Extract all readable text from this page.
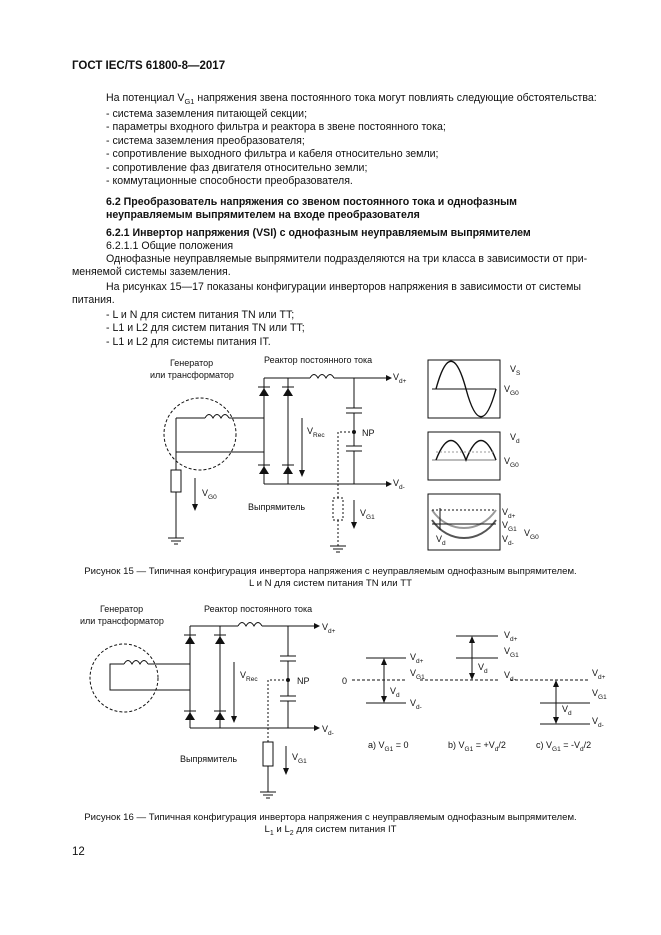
ГОСТ IEC/TS 61800-8—2017
На потенциал $V_{G1}$ напряжения звена постоянного тока могут повлиять следующие обстоятельства:
- система заземления питающей секции;
- параметры входного фильтра и реактора в звене постоянного тока;
- система заземления преобразователя;
- сопротивление выходного фильтра и кабеля относительно земли;
- сопротивление фаз двигателя относительно земли;
- коммутационные способности преобразователя.
6.2 Преобразователь напряжения со звеном постоянного тока и однофазным
неуправляемым выпрямителем на входе преобразователя
6.2.1 Инвертор напряжения (VSI) с однофазным неуправляемым выпрямителем
6.2.1.1 Общие положения
Однофазные неуправляемые выпрямители подразделяются на три класса в зависимости от при-
меняемой системы заземления.
На рисунках 15—17 показаны конфигурации инверторов напряжения в зависимости от системы
питания.
- L и N для систем питания TN или TT;
- L1 и L2 для систем питания TN или TT;
- L1 и L2 для системы питания IT.
Генератор
или трансформатор
Реактор постоянного тока
Выпрямитель
NP
$V_{d+}$
$V_{d-}$
$V_{Rec}$
$V_{G0}$
$V_{G1}$
$V_S$
$V_{G0}$
$V_d$
$V_{G0}$
$V_{d+}$
$V_{G1}$
$V_{d-}$
$V_{G0}$
$V_d$
Рисунок 15 — Типичная конфигурация инвертора напряжения с неуправляемым однофазным выпрямителем.
L и N для систем питания TN или TT
Генератор
или трансформатор
Реактор постоянного тока
Выпрямитель
NP	0
$V_{d+}$
$V_{d-}$
$V_{Rec}$
$V_{G1}$
$V_{d+}$
$V_{G1}$
$V_d$
$V_{d-}$
$V_{d+}$
$V_{G1}$
$V_d$ $V_{d-}$
$V_{d+}$
$V_{G1}$
$V_d$
$V_{d-}$
a) $V_{G1} = 0$	b) $V_{G1} = +V_d/2$	c) $V_{G1} = -V_d/2$
Рисунок 16 — Типичная конфигурация инвертора напряжения с неуправляемым однофазным выпрямителем.
$L_1$ и $L_2$ для систем питания IT
12
